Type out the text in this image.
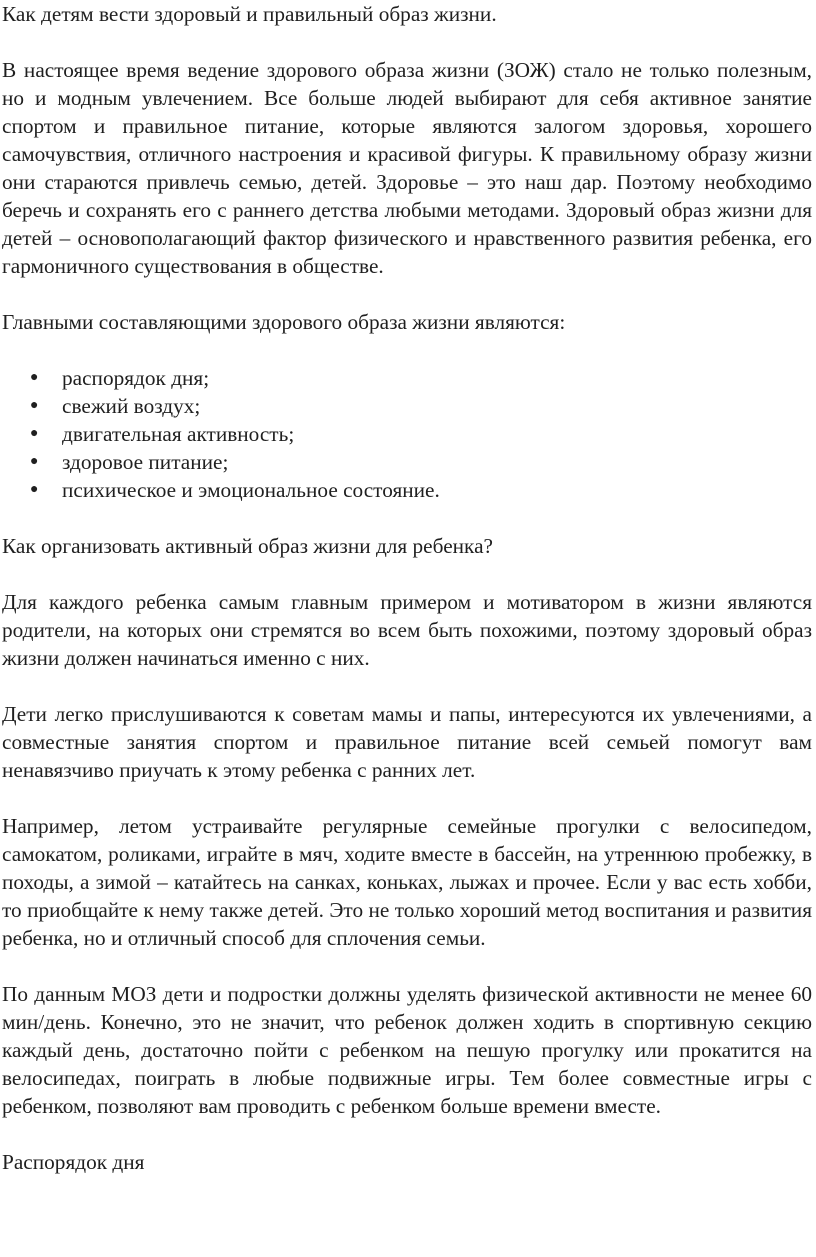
Как детям вести здоровый и правильный образ жизни.

В настоящее время ведение здорового образа жизни (ЗОЖ) стало не только полезным, но и модным увлечением. Все больше людей выбирают для себя активное занятие спортом и правильное питание, которые являются залогом здоровья, хорошего самочувствия, отличного настроения и красивой фигуры. К правильному образу жизни они стараются привлечь семью, детей. Здоровье – это наш дар. Поэтому необходимо беречь и сохранять его с раннего детства любыми методами. Здоровый образ жизни для детей – основополагающий фактор физического и нравственного развития ребенка, его гармоничного существования в обществе.

Главными составляющими здорового образа жизни являются:

● распорядок дня;
● свежий воздух;
● двигательная активность;
● здоровое питание;
● психическое и эмоциональное состояние.

Как организовать активный образ жизни для ребенка?

Для каждого ребенка самым главным примером и мотиватором в жизни являются родители, на которых они стремятся во всем быть похожими, поэтому здоровый образ жизни должен начинаться именно с них.

Дети легко прислушиваются к советам мамы и папы, интересуются их увлечениями, а совместные занятия спортом и правильное питание всей семьей помогут вам ненавязчиво приучать к этому ребенка с ранних лет.

Например, летом устраивайте регулярные семейные прогулки с велосипедом, самокатом, роликами, играйте в мяч, ходите вместе в бассейн, на утреннюю пробежку, в походы, а зимой – катайтесь на санках, коньках, лыжах и прочее. Если у вас есть хобби, то приобщайте к нему также детей. Это не только хороший метод воспитания и развития ребенка, но и отличный способ для сплочения семьи.

По данным МОЗ дети и подростки должны уделять физической активности не менее 60 мин/день. Конечно, это не значит, что ребенок должен ходить в спортивную секцию каждый день, достаточно пойти с ребенком на пешую прогулку или прокатится на велосипедах, поиграть в любые подвижные игры. Тем более совместные игры с ребенком, позволяют вам проводить с ребенком больше времени вместе.

Распорядок дня
